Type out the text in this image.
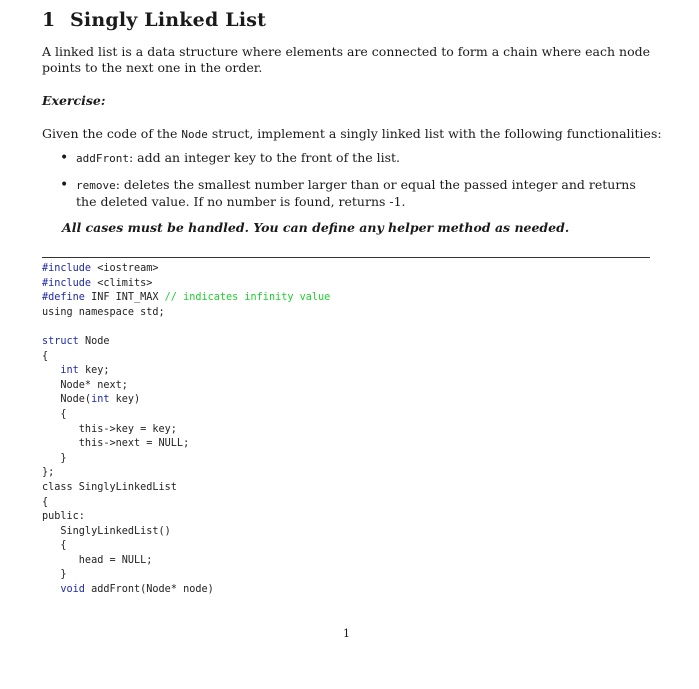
1 Singly Linked List

A linked list is a data structure where elements are connected to form a chain where each node points to the next one in the order.

Exercise:

Given the code of the Node struct, implement a singly linked list with the following functionalities:

• addFront: add an integer key to the front of the list.
• remove: deletes the smallest number larger than or equal the passed integer and returns the deleted value. If no number is found, returns -1.

All cases must be handled. You can define any helper method as needed.

#include <iostream>
#include <climits>
#define INF INT_MAX // indicates infinity value
using namespace std;

struct Node
{
int key;
Node* next;
Node(int key)
{
this->key = key;
this->next = NULL;
}
};
class SinglyLinkedList
{
public:
SinglyLinkedList()
{
head = NULL;
}
void addFront(Node* node)

1
